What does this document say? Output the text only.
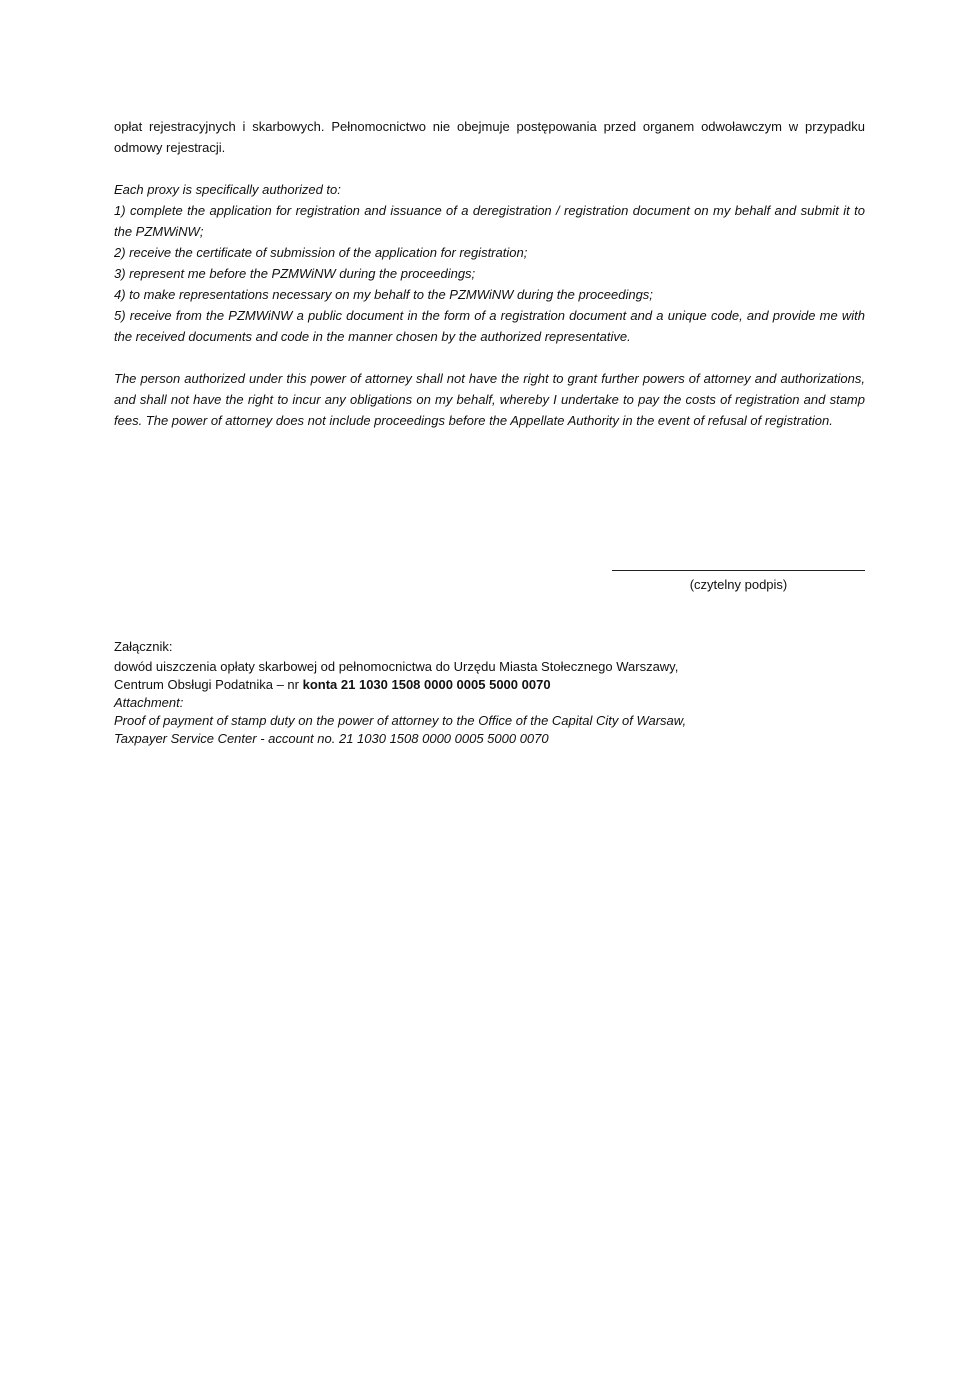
opłat rejestracyjnych i skarbowych. Pełnomocnictwo nie obejmuje postępowania przed organem odwoławczym w przypadku odmowy rejestracji.

Each proxy is specifically authorized to:

1) complete the application for registration and issuance of a deregistration / registration document on my behalf and submit it to the PZMWiNW;

2) receive the certificate of submission of the application for registration;

3) represent me before the PZMWiNW during the proceedings;

4) to make representations necessary on my behalf to the PZMWiNW during the proceedings;

5) receive from the PZMWiNW a public document in the form of a registration document and a unique code, and provide me with the received documents and code in the manner chosen by the authorized representative.

The person authorized under this power of attorney shall not have the right to grant further powers of attorney and authorizations, and shall not have the right to incur any obligations on my behalf, whereby I undertake to pay the costs of registration and stamp fees. The power of attorney does not include proceedings before the Appellate Authority in the event of refusal of registration.

(czytelny podpis)

Załącznik:

dowód uiszczenia opłaty skarbowej od pełnomocnictwa do Urzędu Miasta Stołecznego Warszawy,

Centrum Obsługi Podatnika – nr konta 21 1030 1508 0000 0005 5000 0070

Attachment:

Proof of payment of stamp duty on the power of attorney to the Office of the Capital City of Warsaw,

Taxpayer Service Center - account no. 21 1030 1508 0000 0005 5000 0070
